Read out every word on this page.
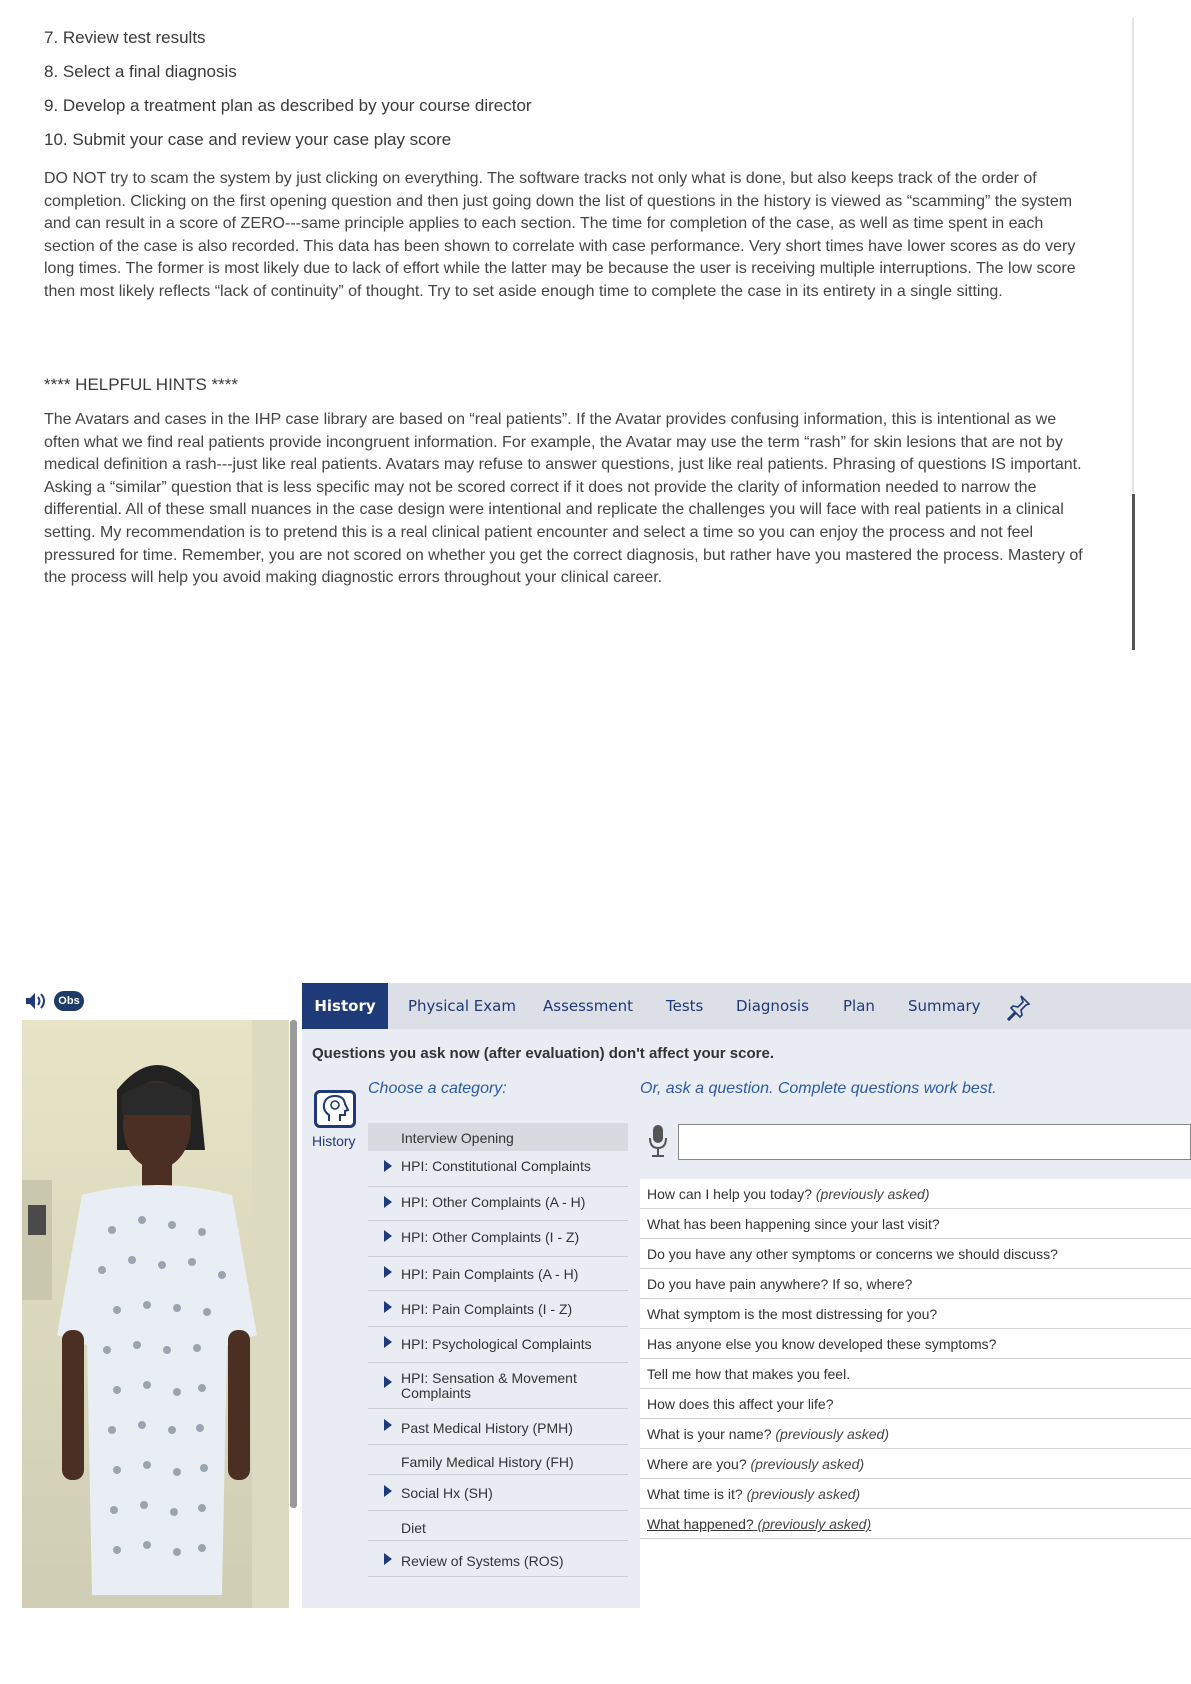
7. Review test results
8. Select a final diagnosis
9. Develop a treatment plan as described by your course director
10. Submit your case and review your case play score
DO NOT try to scam the system by just clicking on everything. The software tracks not only what is done, but also keeps track of the order of completion. Clicking on the first opening question and then just going down the list of questions in the history is viewed as “scamming” the system and can result in a score of ZERO---same principle applies to each section. The time for completion of the case, as well as time spent in each section of the case is also recorded. This data has been shown to correlate with case performance. Very short times have lower scores as do very long times. The former is most likely due to lack of effort while the latter may be because the user is receiving multiple interruptions. The low score then most likely reflects “lack of continuity” of thought. Try to set aside enough time to complete the case in its entirety in a single sitting.
**** HELPFUL HINTS ****
The Avatars and cases in the IHP case library are based on “real patients”. If the Avatar provides confusing information, this is intentional as we often what we find real patients provide incongruent information. For example, the Avatar may use the term “rash” for skin lesions that are not by medical definition a rash---just like real patients. Avatars may refuse to answer questions, just like real patients. Phrasing of questions IS important. Asking a “similar” question that is less specific may not be scored correct if it does not provide the clarity of information needed to narrow the differential. All of these small nuances in the case design were intentional and replicate the challenges you will face with real patients in a clinical setting. My recommendation is to pretend this is a real clinical patient encounter and select a time so you can enjoy the process and not feel pressured for time. Remember, you are not scored on whether you get the correct diagnosis, but rather have you mastered the process. Mastery of the process will help you avoid making diagnostic errors throughout your clinical career.
Obs	History	Physical Exam Assessment Tests Diagnosis Plan Summary
Questions you ask now (after evaluation) don't affect your score.
Choose a category:	Or, ask a question. Complete questions work best.
History	Interview Opening
HPI: Constitutional Complaints
HPI: Other Complaints (A - H)
HPI: Other Complaints (I - Z)
HPI: Pain Complaints (A - H)
HPI: Pain Complaints (I - Z)
HPI: Psychological Complaints
HPI: Sensation & Movement
Complaints
Past Medical History (PMH)
Family Medical History (FH)
Social Hx (SH)
Diet
Review of Systems (ROS)
How can I help you today? (previously asked)
What has been happening since your last visit?
Do you have any other symptoms or concerns we should discuss?
Do you have pain anywhere? If so, where?
What symptom is the most distressing for you?
Has anyone else you know developed these symptoms?
Tell me how that makes you feel.
How does this affect your life?
What is your name? (previously asked)
Where are you? (previously asked)
What time is it? (previously asked)
What happened? (previously asked)
